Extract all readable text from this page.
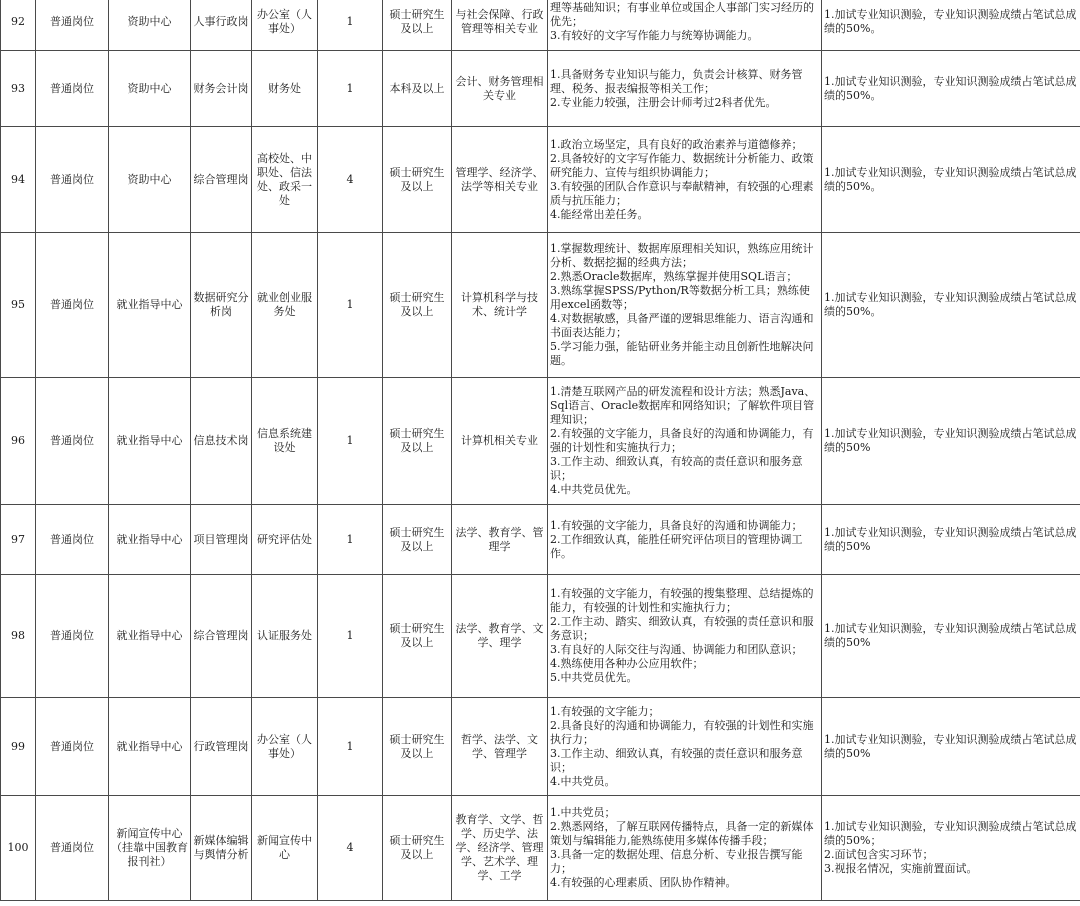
92	普通岗位	资助中心	人事行政岗	办公室（人事处）	1	硕士研究生及以上	与社会保障、行政管理等相关专业	理等基础知识；有事业单位或国企人事部门实习经历的优先；
3.有较好的文字写作能力与统筹协调能力。	1.加试专业知识测验，专业知识测验成绩占笔试总成绩的50%。

93	普通岗位	资助中心	财务会计岗	财务处	1	本科及以上	会计、财务管理相关专业	1.具备财务专业知识与能力，负责会计核算、财务管理、税务、报表编报等相关工作；
2.专业能力较强，注册会计师考过2科者优先。	1.加试专业知识测验，专业知识测验成绩占笔试总成绩的50%。

94	普通岗位	资助中心	综合管理岗	高校处、中职处、信法处、政采一处	4	硕士研究生及以上	管理学、经济学、法学等相关专业	1.政治立场坚定，具有良好的政治素养与道德修养；
2.具备较好的文字写作能力、数据统计分析能力、政策研究能力、宣传与组织协调能力；
3.有较强的团队合作意识与奉献精神，有较强的心理素质与抗压能力；
4.能经常出差任务。	1.加试专业知识测验，专业知识测验成绩占笔试总成绩的50%。

95	普通岗位	就业指导中心	数据研究分析岗	就业创业服务处	1	硕士研究生及以上	计算机科学与技术、统计学	1.掌握数理统计、数据库原理相关知识，熟练应用统计分析、数据挖掘的经典方法；
2.熟悉Oracle数据库，熟练掌握并使用SQL语言；
3.熟练掌握SPSS/Python/R等数据分析工具；熟练使用excel函数等；
4.对数据敏感，具备严谨的逻辑思维能力、语言沟通和书面表达能力；
5.学习能力强，能钻研业务并能主动且创新性地解决问题。	1.加试专业知识测验，专业知识测验成绩占笔试总成绩的50%。

96	普通岗位	就业指导中心	信息技术岗	信息系统建设处	1	硕士研究生及以上	计算机相关专业	1.清楚互联网产品的研发流程和设计方法；熟悉Java、Sql语言、Oracle数据库和网络知识；了解软件项目管理知识；
2.有较强的文字能力，具备良好的沟通和协调能力，有强的计划性和实施执行力；
3.工作主动、细致认真，有较高的责任意识和服务意识；
4.中共党员优先。	1.加试专业知识测验，专业知识测验成绩占笔试总成绩的50%

97	普通岗位	就业指导中心	项目管理岗	研究评估处	1	硕士研究生及以上	法学、教育学、管理学	1.有较强的文字能力，具备良好的沟通和协调能力；
2.工作细致认真，能胜任研究评估项目的管理协调工作。	1.加试专业知识测验，专业知识测验成绩占笔试总成绩的50%

98	普通岗位	就业指导中心	综合管理岗	认证服务处	1	硕士研究生及以上	法学、教育学、文学、理学	1.有较强的文字能力，有较强的搜集整理、总结提炼的能力，有较强的计划性和实施执行力；
2.工作主动、踏实、细致认真，有较强的责任意识和服务意识；
3.有良好的人际交往与沟通、协调能力和团队意识；
4.熟练使用各种办公应用软件；
5.中共党员优先。	1.加试专业知识测验，专业知识测验成绩占笔试总成绩的50%

99	普通岗位	就业指导中心	行政管理岗	办公室（人事处）	1	硕士研究生及以上	哲学、法学、文学、管理学	1.有较强的文字能力；
2.具备良好的沟通和协调能力，有较强的计划性和实施执行力；
3.工作主动、细致认真，有较强的责任意识和服务意识；
4.中共党员。	1.加试专业知识测验，专业知识测验成绩占笔试总成绩的50%

100	普通岗位	新闻宣传中心（挂靠中国教育报刊社）	新媒体编辑与舆情分析	新闻宣传中心	4	硕士研究生及以上	教育学、文学、哲学、历史学、法学、经济学、管理学、艺术学、理学、工学	1.中共党员；
2.熟悉网络，了解互联网传播特点，具备一定的新媒体策划与编辑能力,能熟练使用多媒体传播手段；
3.具备一定的数据处理、信息分析、专业报告撰写能力；
4.有较强的心理素质、团队协作精神。	1.加试专业知识测验，专业知识测验成绩占笔试总成绩的50%；
2.面试包含实习环节；
3.视报名情况，实施前置面试。
